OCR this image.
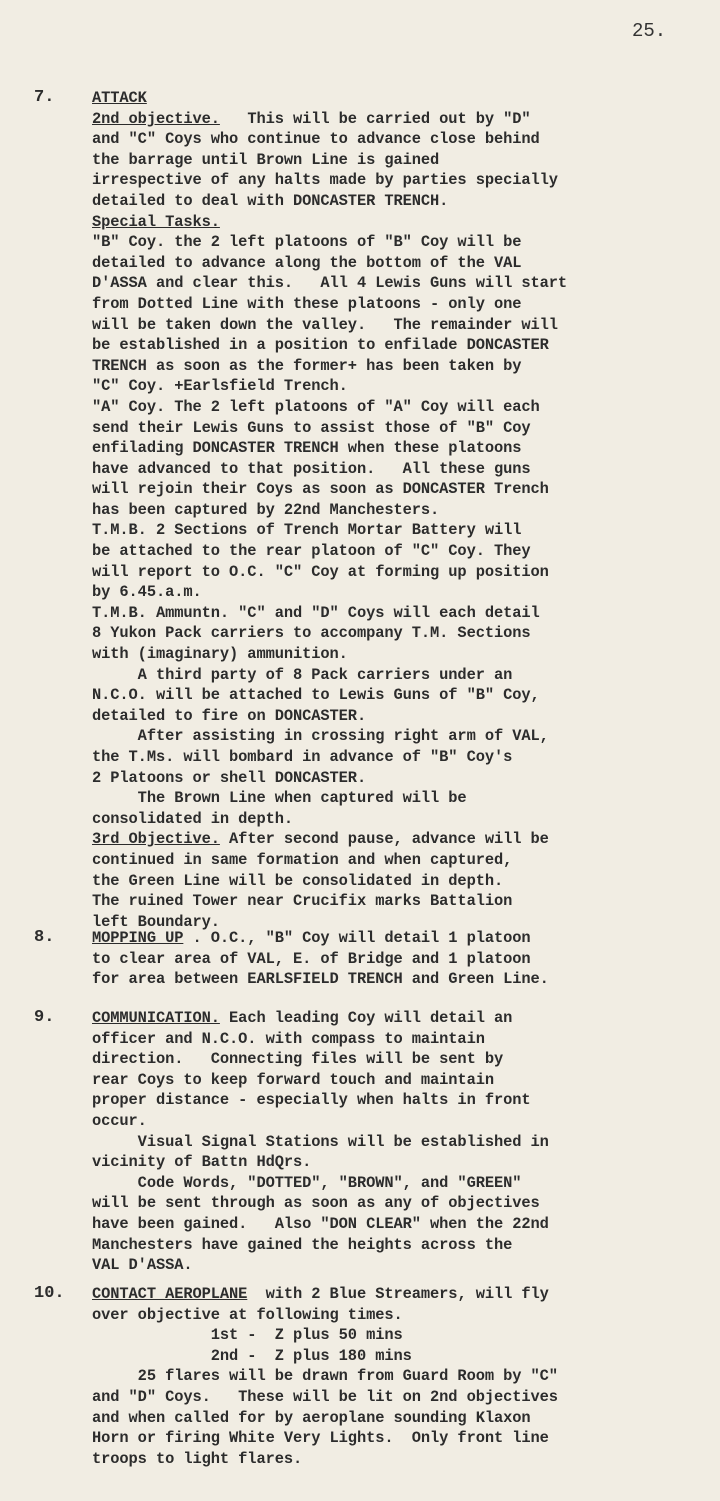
25.
7. ATTACK
2nd objective.   This will be carried out by "D"
and "C" Coys who continue to advance close behind
the barrage until Brown Line is gained
irrespective of any halts made by parties specially
detailed to deal with DONCASTER TRENCH.
Special Tasks.
"B" Coy. the 2 left platoons of "B" Coy will be
detailed to advance along the bottom of the VAL
D'ASSA and clear this.   All 4 Lewis Guns will start
from Dotted Line with these platoons - only one
will be taken down the valley.   The remainder will
be established in a position to enfilade DONCASTER
TRENCH as soon as the former+ has been taken by
"C" Coy. +Earlsfield Trench.
"A" Coy. The 2 left platoons of "A" Coy will each
send their Lewis Guns to assist those of "B" Coy
enfilading DONCASTER TRENCH when these platoons
have advanced to that position.   All these guns
will rejoin their Coys as soon as DONCASTER Trench
has been captured by 22nd Manchesters.
T.M.B. 2 Sections of Trench Mortar Battery will
be attached to the rear platoon of "C" Coy. They
will report to O.C. "C" Coy at forming up position
by 6.45.a.m.
T.M.B. Ammuntn. "C" and "D" Coys will each detail
8 Yukon Pack carriers to accompany T.M. Sections
with (imaginary) ammunition.
A third party of 8 Pack carriers under an
N.C.O. will be attached to Lewis Guns of "B" Coy,
detailed to fire on DONCASTER.
After assisting in crossing right arm of VAL,
the T.Ms. will bombard in advance of "B" Coy's
2 Platoons or shell DONCASTER.
The Brown Line when captured will be
consolidated in depth.
3rd Objective. After second pause, advance will be
continued in same formation and when captured,
the Green Line will be consolidated in depth.
The ruined Tower near Crucifix marks Battalion
left Boundary.
8. MOPPING UP . O.C., "B" Coy will detail 1 platoon
to clear area of VAL, E. of Bridge and 1 platoon
for area between EARLSFIELD TRENCH and Green Line.
9. COMMUNICATION. Each leading Coy will detail an
officer and N.C.O. with compass to maintain
direction.   Connecting files will be sent by
rear Coys to keep forward touch and maintain
proper distance - especially when halts in front
occur.
Visual Signal Stations will be established in
vicinity of Battn HdQrs.
Code Words, "DOTTED", "BROWN", and "GREEN"
will be sent through as soon as any of objectives
have been gained.   Also "DON CLEAR" when the 22nd
Manchesters have gained the heights across the
VAL D'ASSA.
10. CONTACT AEROPLANE  with 2 Blue Streamers, will fly
over objective at following times.
1st -  Z plus 50 mins
2nd -  Z plus 180 mins
25 flares will be drawn from Guard Room by "C"
and "D" Coys.   These will be lit on 2nd objectives
and when called for by aeroplane sounding Klaxon
Horn or firing White Very Lights.  Only front line
troops to light flares.
